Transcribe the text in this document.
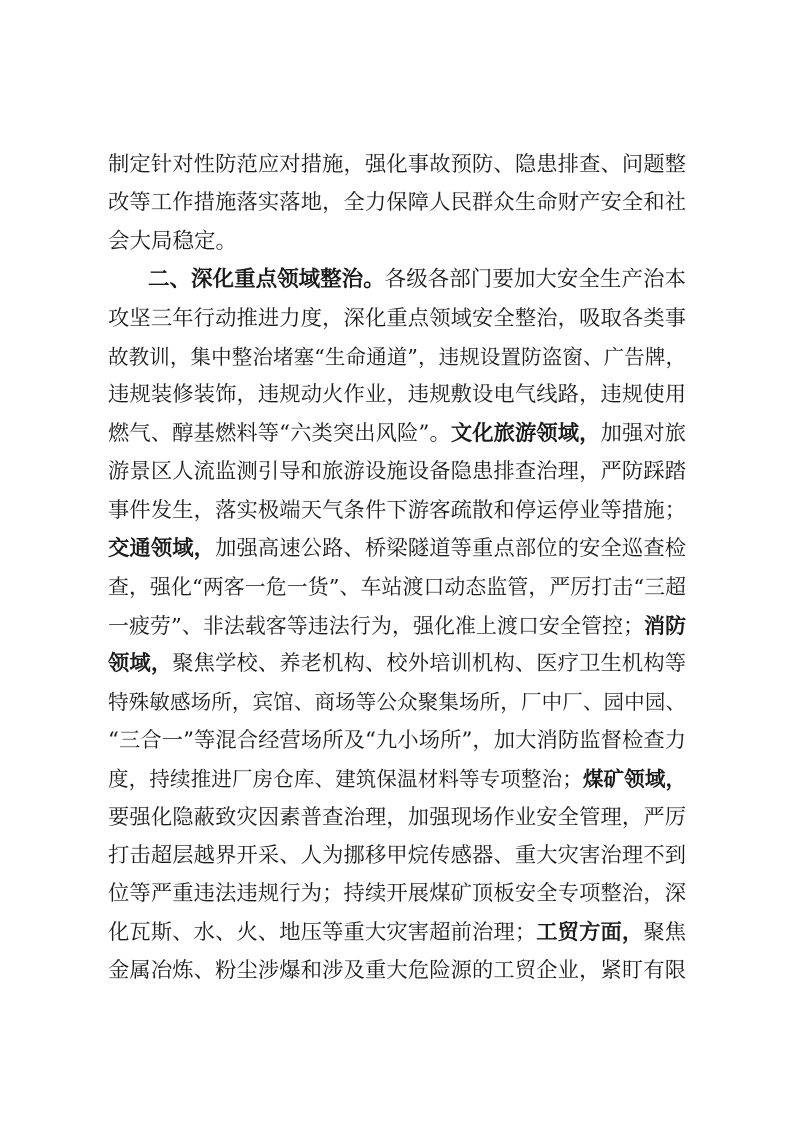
制定针对性防范应对措施，强化事故预防、隐患排查、问题整
改等工作措施落实落地，全力保障人民群众生命财产安全和社
会大局稳定。
二、深化重点领域整治。各级各部门要加大安全生产治本
攻坚三年行动推进力度，深化重点领域安全整治，吸取各类事
故教训，集中整治堵塞“生命通道”，违规设置防盗窗、广告牌，
违规装修装饰，违规动火作业，违规敷设电气线路，违规使用
燃气、醇基燃料等“六类突出风险”。文化旅游领域，加强对旅
游景区人流监测引导和旅游设施设备隐患排查治理，严防踩踏
事件发生，落实极端天气条件下游客疏散和停运停业等措施；
交通领域，加强高速公路、桥梁隧道等重点部位的安全巡查检
查，强化“两客一危一货”、车站渡口动态监管，严厉打击“三超
一疲劳”、非法载客等违法行为，强化准上渡口安全管控；消防
领域，聚焦学校、养老机构、校外培训机构、医疗卫生机构等
特殊敏感场所，宾馆、商场等公众聚集场所，厂中厂、园中园、
“三合一”等混合经营场所及“九小场所”，加大消防监督检查力
度，持续推进厂房仓库、建筑保温材料等专项整治；煤矿领域，
要强化隐蔽致灾因素普查治理，加强现场作业安全管理，严厉
打击超层越界开采、人为挪移甲烷传感器、重大灾害治理不到
位等严重违法违规行为；持续开展煤矿顶板安全专项整治，深
化瓦斯、水、火、地压等重大灾害超前治理；工贸方面，聚焦
金属冶炼、粉尘涉爆和涉及重大危险源的工贸企业，紧盯有限
